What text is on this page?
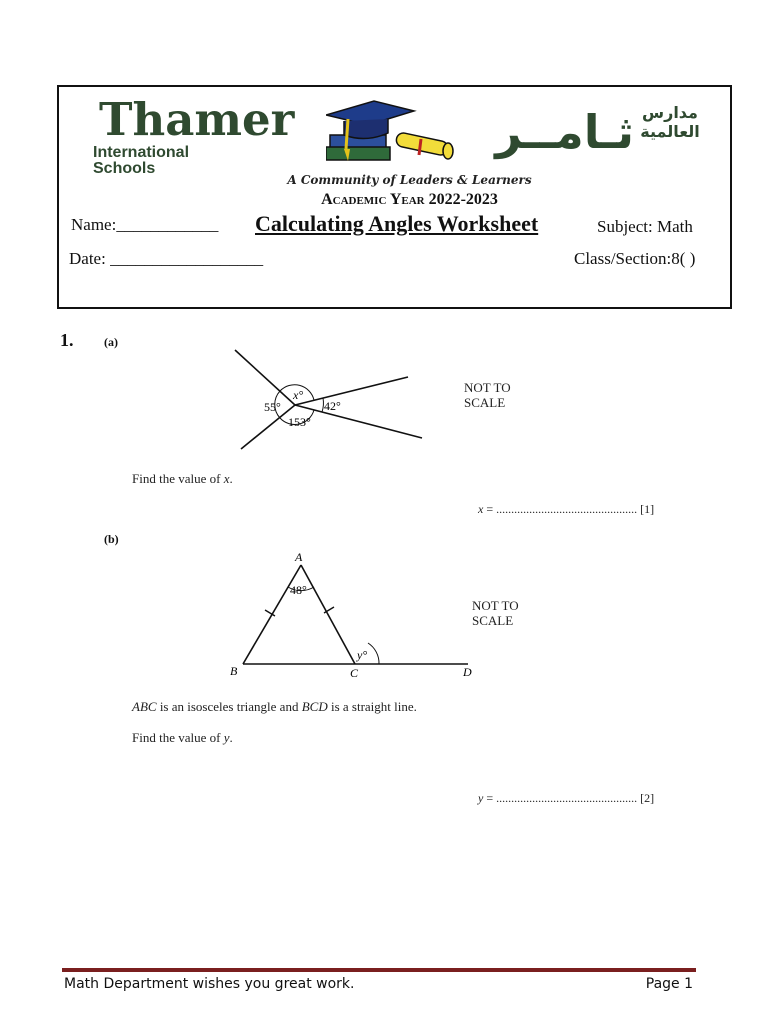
Thamer
International
Schools
مدارس
العالمية
ثـامــر
A Community of Leaders & Learners
Academic Year 2022-2023
Name:____________ Calculating Angles Worksheet	Subject: Math
Date: __________________	Class/Section:8( )
1.	(a)
x°
55°	42°
153°
NOT TO
SCALE
Find the value of x.
x = ............................................... [1]
(b)
A
B	C	D
48°
y°
NOT TO
SCALE
ABC is an isosceles triangle and BCD is a straight line.
Find the value of y.
y = ............................................... [2]
Math Department wishes you great work.	Page 1
